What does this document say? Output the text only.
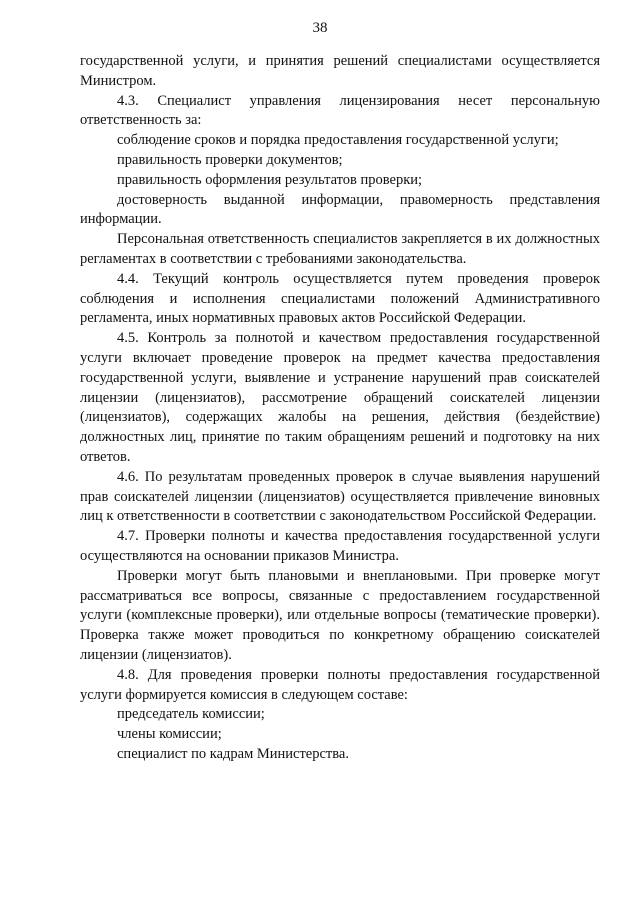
38

государственной услуги, и принятия решений специалистами осуществляется Министром.

4.3. Специалист управления лицензирования несет персональную ответственность за:

соблюдение сроков и порядка предоставления государственной услуги;

правильность проверки документов;

правильность оформления результатов проверки;

достоверность выданной информации, правомерность представления информации.

Персональная ответственность специалистов закрепляется в их должностных регламентах в соответствии с требованиями законодательства.

4.4. Текущий контроль осуществляется путем проведения проверок соблюдения и исполнения специалистами положений Административного регламента, иных нормативных правовых актов Российской Федерации.

4.5. Контроль за полнотой и качеством предоставления государственной услуги включает проведение проверок на предмет качества предоставления государственной услуги, выявление и устранение нарушений прав соискателей лицензии (лицензиатов), рассмотрение обращений соискателей лицензии (лицензиатов), содержащих жалобы на решения, действия (бездействие) должностных лиц, принятие по таким обращениям решений и подготовку на них ответов.

4.6. По результатам проведенных проверок в случае выявления нарушений прав соискателей лицензии (лицензиатов) осуществляется привлечение виновных лиц к ответственности в соответствии с законодательством Российской Федерации.

4.7. Проверки полноты и качества предоставления государственной услуги осуществляются на основании приказов Министра.

Проверки могут быть плановыми и внеплановыми. При проверке могут рассматриваться все вопросы, связанные с предоставлением государственной услуги (комплексные проверки), или отдельные вопросы (тематические проверки). Проверка также может проводиться по конкретному обращению соискателей лицензии (лицензиатов).

4.8. Для проведения проверки полноты предоставления государственной услуги формируется комиссия в следующем составе:

председатель комиссии;

члены комиссии;

специалист по кадрам Министерства.
